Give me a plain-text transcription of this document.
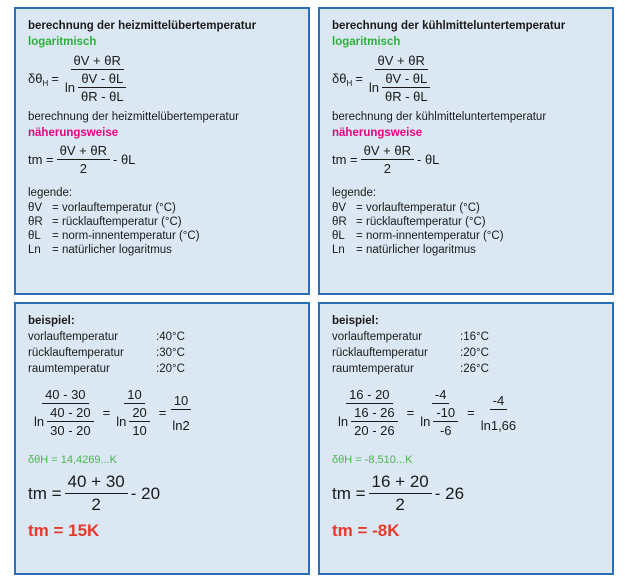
berechnung der heizmittelübertemperatur
logaritmisch
$\delta\theta_H = \frac{\theta V + \theta R}{\ln \frac{\theta V - \theta L}{\theta R - \theta L}}$
berechnung der heizmittelübertemperatur
näherungsweise
tm = $\frac{\theta V + \theta R}{2}$ - θL
legende:
θV = vorlauftemperatur (°C)
θR = rücklauftemperatur (°C)
θL = norm-innentemperatur (°C)
Ln = natürlicher logaritmus
berechnung der kühlmitteluntertemperatur
logaritmisch
$\delta\theta_H = \frac{\theta V + \theta R}{\ln \frac{\theta V - \theta L}{\theta R - \theta L}}$
berechnung der kühlmitteluntertemperatur
näherungsweise
tm = $\frac{\theta V + \theta R}{2}$ - θL
legende:
θV = vorlauftemperatur (°C)
θR = rücklauftemperatur (°C)
θL = norm-innentemperatur (°C)
Ln = natürlicher logaritmus
beispiel:
vorlauftemperatur	:40°C
rücklauftemperatur	:30°C
raumtemperatur	:20°C
$\frac{40 - 30}{\ln \frac{40 - 20}{30 - 20}} = \frac{10}{\ln \frac{20}{10}} = \frac{10}{\ln 2}$
δθH = 14,4269...K
tm = $\frac{40 + 30}{2} - 20$
tm = 15K
beispiel:
vorlauftemperatur	:16°C
rücklauftemperatur	:20°C
raumtemperatur	:26°C
$\frac{16 - 20}{\ln \frac{16 - 26}{20 - 26}} = \frac{-4}{\ln \frac{-10}{-6}} = \frac{-4}{\ln 1,66}$
δθH = -8,510...K
tm = $\frac{16 + 20}{2} - 26$
tm = -8K
